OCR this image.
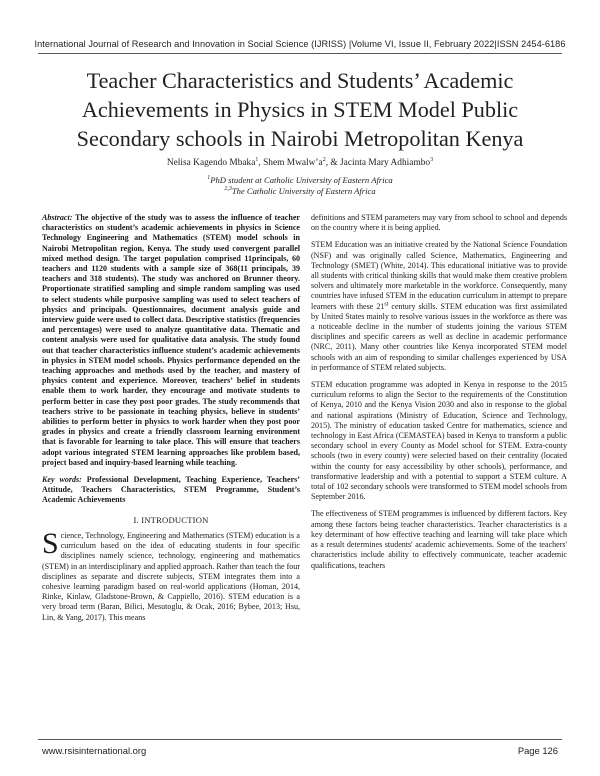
International Journal of Research and Innovation in Social Science (IJRISS) |Volume VI, Issue II, February 2022|ISSN 2454-6186
Teacher Characteristics and Students’ Academic
Achievements in Physics in STEM Model Public
Secondary schools in Nairobi Metropolitan Kenya
Nelisa Kagendo Mbaka$^1$, Shem $Mwalw’a^2$, & Jacinta Mary Adhiambo$^3$
$^1$PhD student at Catholic University of Eastern Africa
$^{2,3}$The Catholic University of Eastern Africa

Abstract: The objective of the study was to assess the influence of teacher characteristics on student’s academic achievements in physics in Science Technology Engineering and Mathematics (STEM) model schools in Nairobi Metropolitan region, Kenya. The study used convergent parallel mixed method design. The target population comprised 11principals, 60 teachers and 1120 students with a sample size of 368(11 principals, 39 teachers and 318 students). The study was anchored on Brunner theory. Proportionate stratified sampling and simple random sampling was used to select students while purposive sampling was used to select teachers of physics and principals. Questionnaires, document analysis guide and interview guide were used to collect data. Descriptive statistics (frequencies and percentages) were used to analyze quantitative data. Thematic and content analysis were used for qualitative data analysis. The study found out that teacher characteristics influence student’s academic achievements in physics in STEM model schools. Physics performance depended on the teaching approaches and methods used by the teacher, and mastery of physics content and experience. Moreover, teachers’ belief in students enable them to work harder, they encourage and motivate students to perform better in case they post poor grades. The study recommends that teachers strive to be passionate in teaching physics, believe in students’ abilities to perform better in physics to work harder when they post poor grades in physics and create a friendly classroom learning environment that is favorable for learning to take place. This will ensure that teachers adopt various integrated STEM learning approaches like problem based, project based and inquiry-based learning while teaching.

Key words: Professional Development, Teaching Experience, Teachers’ Attitude, Teachers Characteristics, STEM Programme, Student’s Academic Achievements

I. INTRODUCTION

Science, Technology, Engineering and Mathematics (STEM) education is a curriculum based on the idea of educating students in four specific disciplines namely science, technology, engineering and mathematics (STEM) in an interdisciplinary and applied approach. Rather than teach the four disciplines as separate and discrete subjects, STEM integrates them into a cohesive learning paradigm based on real-world applications (Homan, 2014, Rinke, Kinlaw, Gladstone-Brown, & Cappiello, 2016). STEM education is a very broad term (Baran, Bilici, Mesutoglu, & Ocak, 2016; Bybee, 2013; Hsu, Lin, & Yang, 2017). This means

definitions and STEM parameters may vary from school to school and depends on the country where it is being applied.

STEM Education was an initiative created by the National Science Foundation (NSF) and was originally called Science, Mathematics, Engineering and Technology (SMET) (White, 2014). This educational initiative was to provide all students with critical thinking skills that would make them creative problem solvers and ultimately more marketable in the workforce. Consequently, many countries have infused STEM in the education curriculum in attempt to prepare learners with these 21st century skills. STEM education was first assimilated by United States mainly to resolve various issues in the workforce as there was a noticeable decline in the number of students joining the various STEM disciplines and specific careers as well as decline in academic performance (NRC, 2011). Many other countries like Kenya incorporated STEM model schools with an aim of responding to similar challenges experienced by USA in performance of STEM related subjects.

STEM education programme was adopted in Kenya in response to the 2015 curriculum reforms to align the Sector to the requirements of the Constitution of Kenya, 2010 and the Kenya Vision 2030 and also in response to the global and national aspirations (Ministry of Education, Science and Technology, 2015). The ministry of education tasked Centre for mathematics, science and technology in East Africa (CEMASTEA) based in Kenya to transform a public secondary school in every County as Model school for STEM. Extra-county schools (two in every county) were selected based on their centrality (located within the county for easy accessibility by other schools), performance, and transformative leadership and with a potential to support a STEM culture. A total of 102 secondary schools were transformed to STEM model schools from September 2016.

The effectiveness of STEM programmes is influenced by different factors. Key among these factors being teacher characteristics. Teacher characteristics is a key determinant of how effective teaching and learning will take place which as a result determines students' academic achievements. Some of the teachers' characteristics include ability to effectively communicate, teacher academic qualifications, teachers

www.rsisinternational.org	Page 126
